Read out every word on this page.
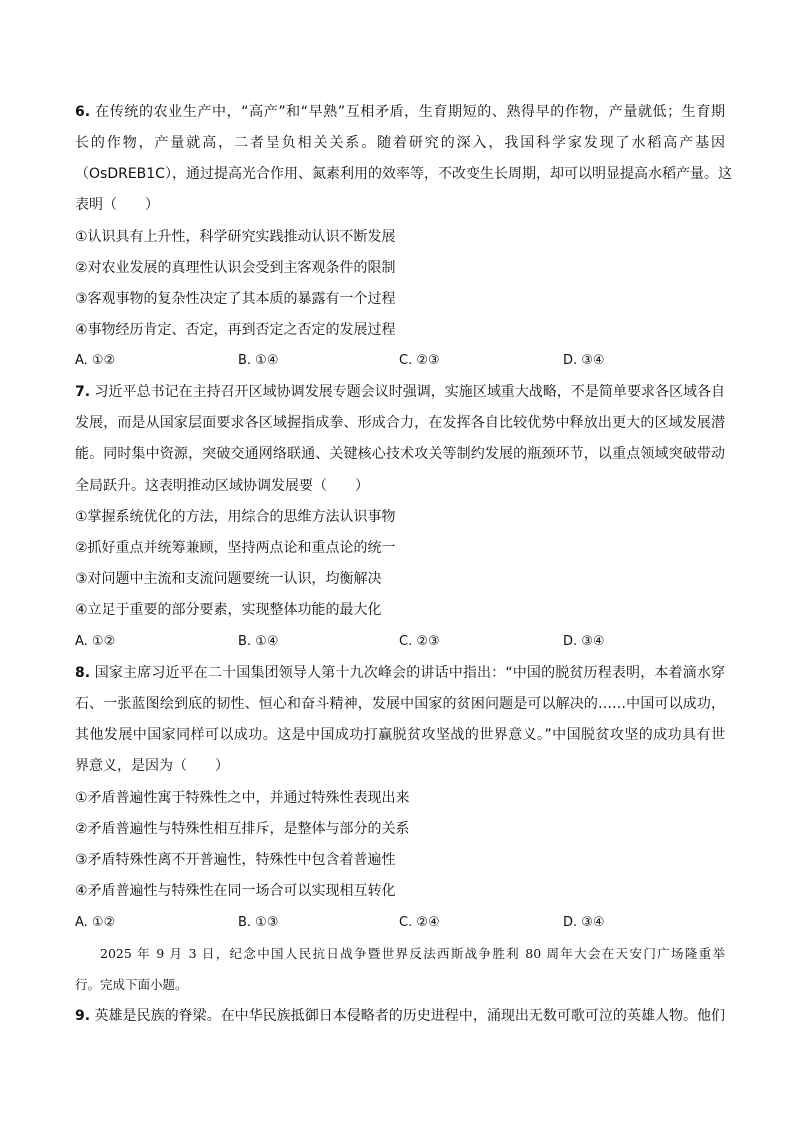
6. 在传统的农业生产中，“高产”和“早熟”互相矛盾，生育期短的、熟得早的作物，产量就低；生育期
长的作物，产量就高，二者呈负相关关系。随着研究的深入，我国科学家发现了水稻高产基因
（OsDREB1C），通过提高光合作用、氮素利用的效率等，不改变生长周期，却可以明显提高水稻产量。这
表明（　　）
①认识具有上升性，科学研究实践推动认识不断发展
②对农业发展的真理性认识会受到主客观条件的限制
③客观事物的复杂性决定了其本质的暴露有一个过程
④事物经历肯定、否定，再到否定之否定的发展过程
A. ①②	B. ①④	C. ②③	D. ③④
7. 习近平总书记在主持召开区域协调发展专题会议时强调，实施区域重大战略，不是简单要求各区域各自
发展，而是从国家层面要求各区域握指成拳、形成合力，在发挥各自比较优势中释放出更大的区域发展潜
能。同时集中资源，突破交通网络联通、关键核心技术攻关等制约发展的瓶颈环节，以重点领域突破带动
全局跃升。这表明推动区域协调发展要（　　）
①掌握系统优化的方法，用综合的思维方法认识事物
②抓好重点并统筹兼顾，坚持两点论和重点论的统一
③对问题中主流和支流问题要统一认识，均衡解决
④立足于重要的部分要素，实现整体功能的最大化
A. ①②	B. ①④	C. ②③	D. ③④
8. 国家主席习近平在二十国集团领导人第十九次峰会的讲话中指出：“中国的脱贫历程表明，本着滴水穿
石、一张蓝图绘到底的韧性、恒心和奋斗精神，发展中国家的贫困问题是可以解决的……中国可以成功，
其他发展中国家同样可以成功。这是中国成功打赢脱贫攻坚战的世界意义。”中国脱贫攻坚的成功具有世
界意义，是因为（　　）
①矛盾普遍性寓于特殊性之中，并通过特殊性表现出来
②矛盾普遍性与特殊性相互排斥，是整体与部分的关系
③矛盾特殊性离不开普遍性，特殊性中包含着普遍性
④矛盾普遍性与特殊性在同一场合可以实现相互转化
A. ①②	B. ①③	C. ②④	D. ③④
2025 年 9 月 3 日，纪念中国人民抗日战争暨世界反法西斯战争胜利 80 周年大会在天安门广场隆重举
行。完成下面小题。
9. 英雄是民族的脊梁。在中华民族抵御日本侵略者的历史进程中，涌现出无数可歌可泣的英雄人物。他们
